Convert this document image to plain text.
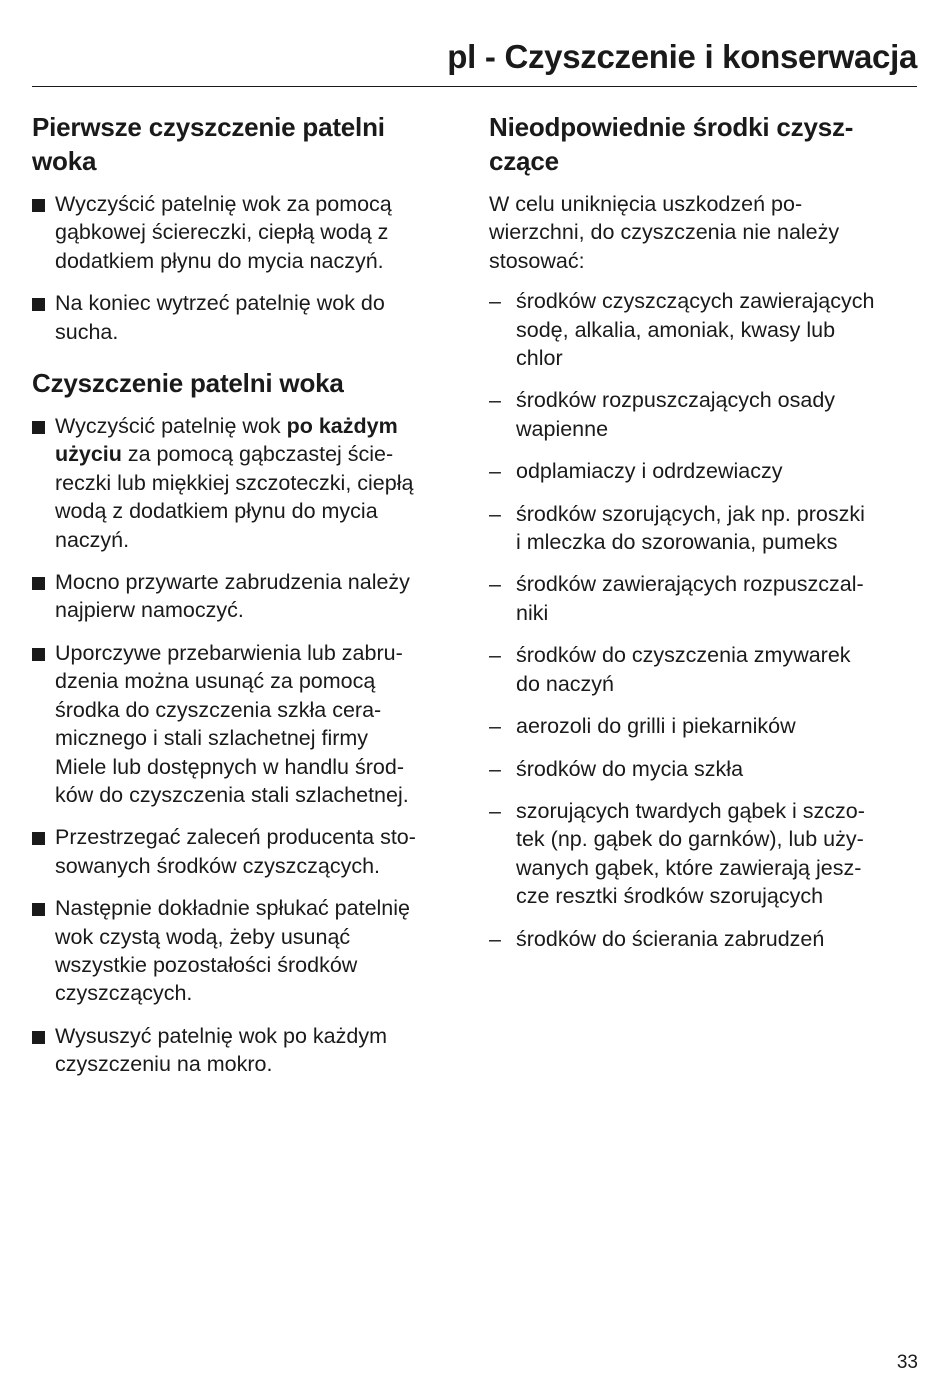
pl - Czyszczenie i konserwacja
Pierwsze czyszczenie patelni
woka
Wyczyścić patelnię wok za pomocą
gąbkowej ściereczki, ciepłą wodą z
dodatkiem płynu do mycia naczyń.
Na koniec wytrzeć patelnię wok do
sucha.
Czyszczenie patelni woka
Wyczyścić patelnię wok po każdym
użyciu za pomocą gąbczastej ście-
reczki lub miękkiej szczoteczki, ciepłą
wodą z dodatkiem płynu do mycia
naczyń.
Mocno przywarte zabrudzenia należy
najpierw namoczyć.
Uporczywe przebarwienia lub zabru-
dzenia można usunąć za pomocą
środka do czyszczenia szkła cera-
micznego i stali szlachetnej firmy
Miele lub dostępnych w handlu środ-
ków do czyszczenia stali szlachetnej.
Przestrzegać zaleceń producenta sto-
sowanych środków czyszczących.
Następnie dokładnie spłukać patelnię
wok czystą wodą, żeby usunąć
wszystkie pozostałości środków
czyszczących.
Wysuszyć patelnię wok po każdym
czyszczeniu na mokro.
Nieodpowiednie środki czysz-
czące

W celu uniknięcia uszkodzeń po-
wierzchni, do czyszczenia nie należy
stosować:

– środków czyszczących zawierających
sodę, alkalia, amoniak, kwasy lub
chlor
– środków rozpuszczających osady
wapienne
– odplamiaczy i odrdzewiaczy
– środków szorujących, jak np. proszki
i mleczka do szorowania, pumeks
– środków zawierających rozpuszczal-
niki
– środków do czyszczenia zmywarek
do naczyń
– aerozoli do grilli i piekarników
– środków do mycia szkła
– szorujących twardych gąbek i szczo-
tek (np. gąbek do garnków), lub uży-
wanych gąbek, które zawierają jesz-
cze resztki środków szorujących
– środków do ścierania zabrudzeń
33
